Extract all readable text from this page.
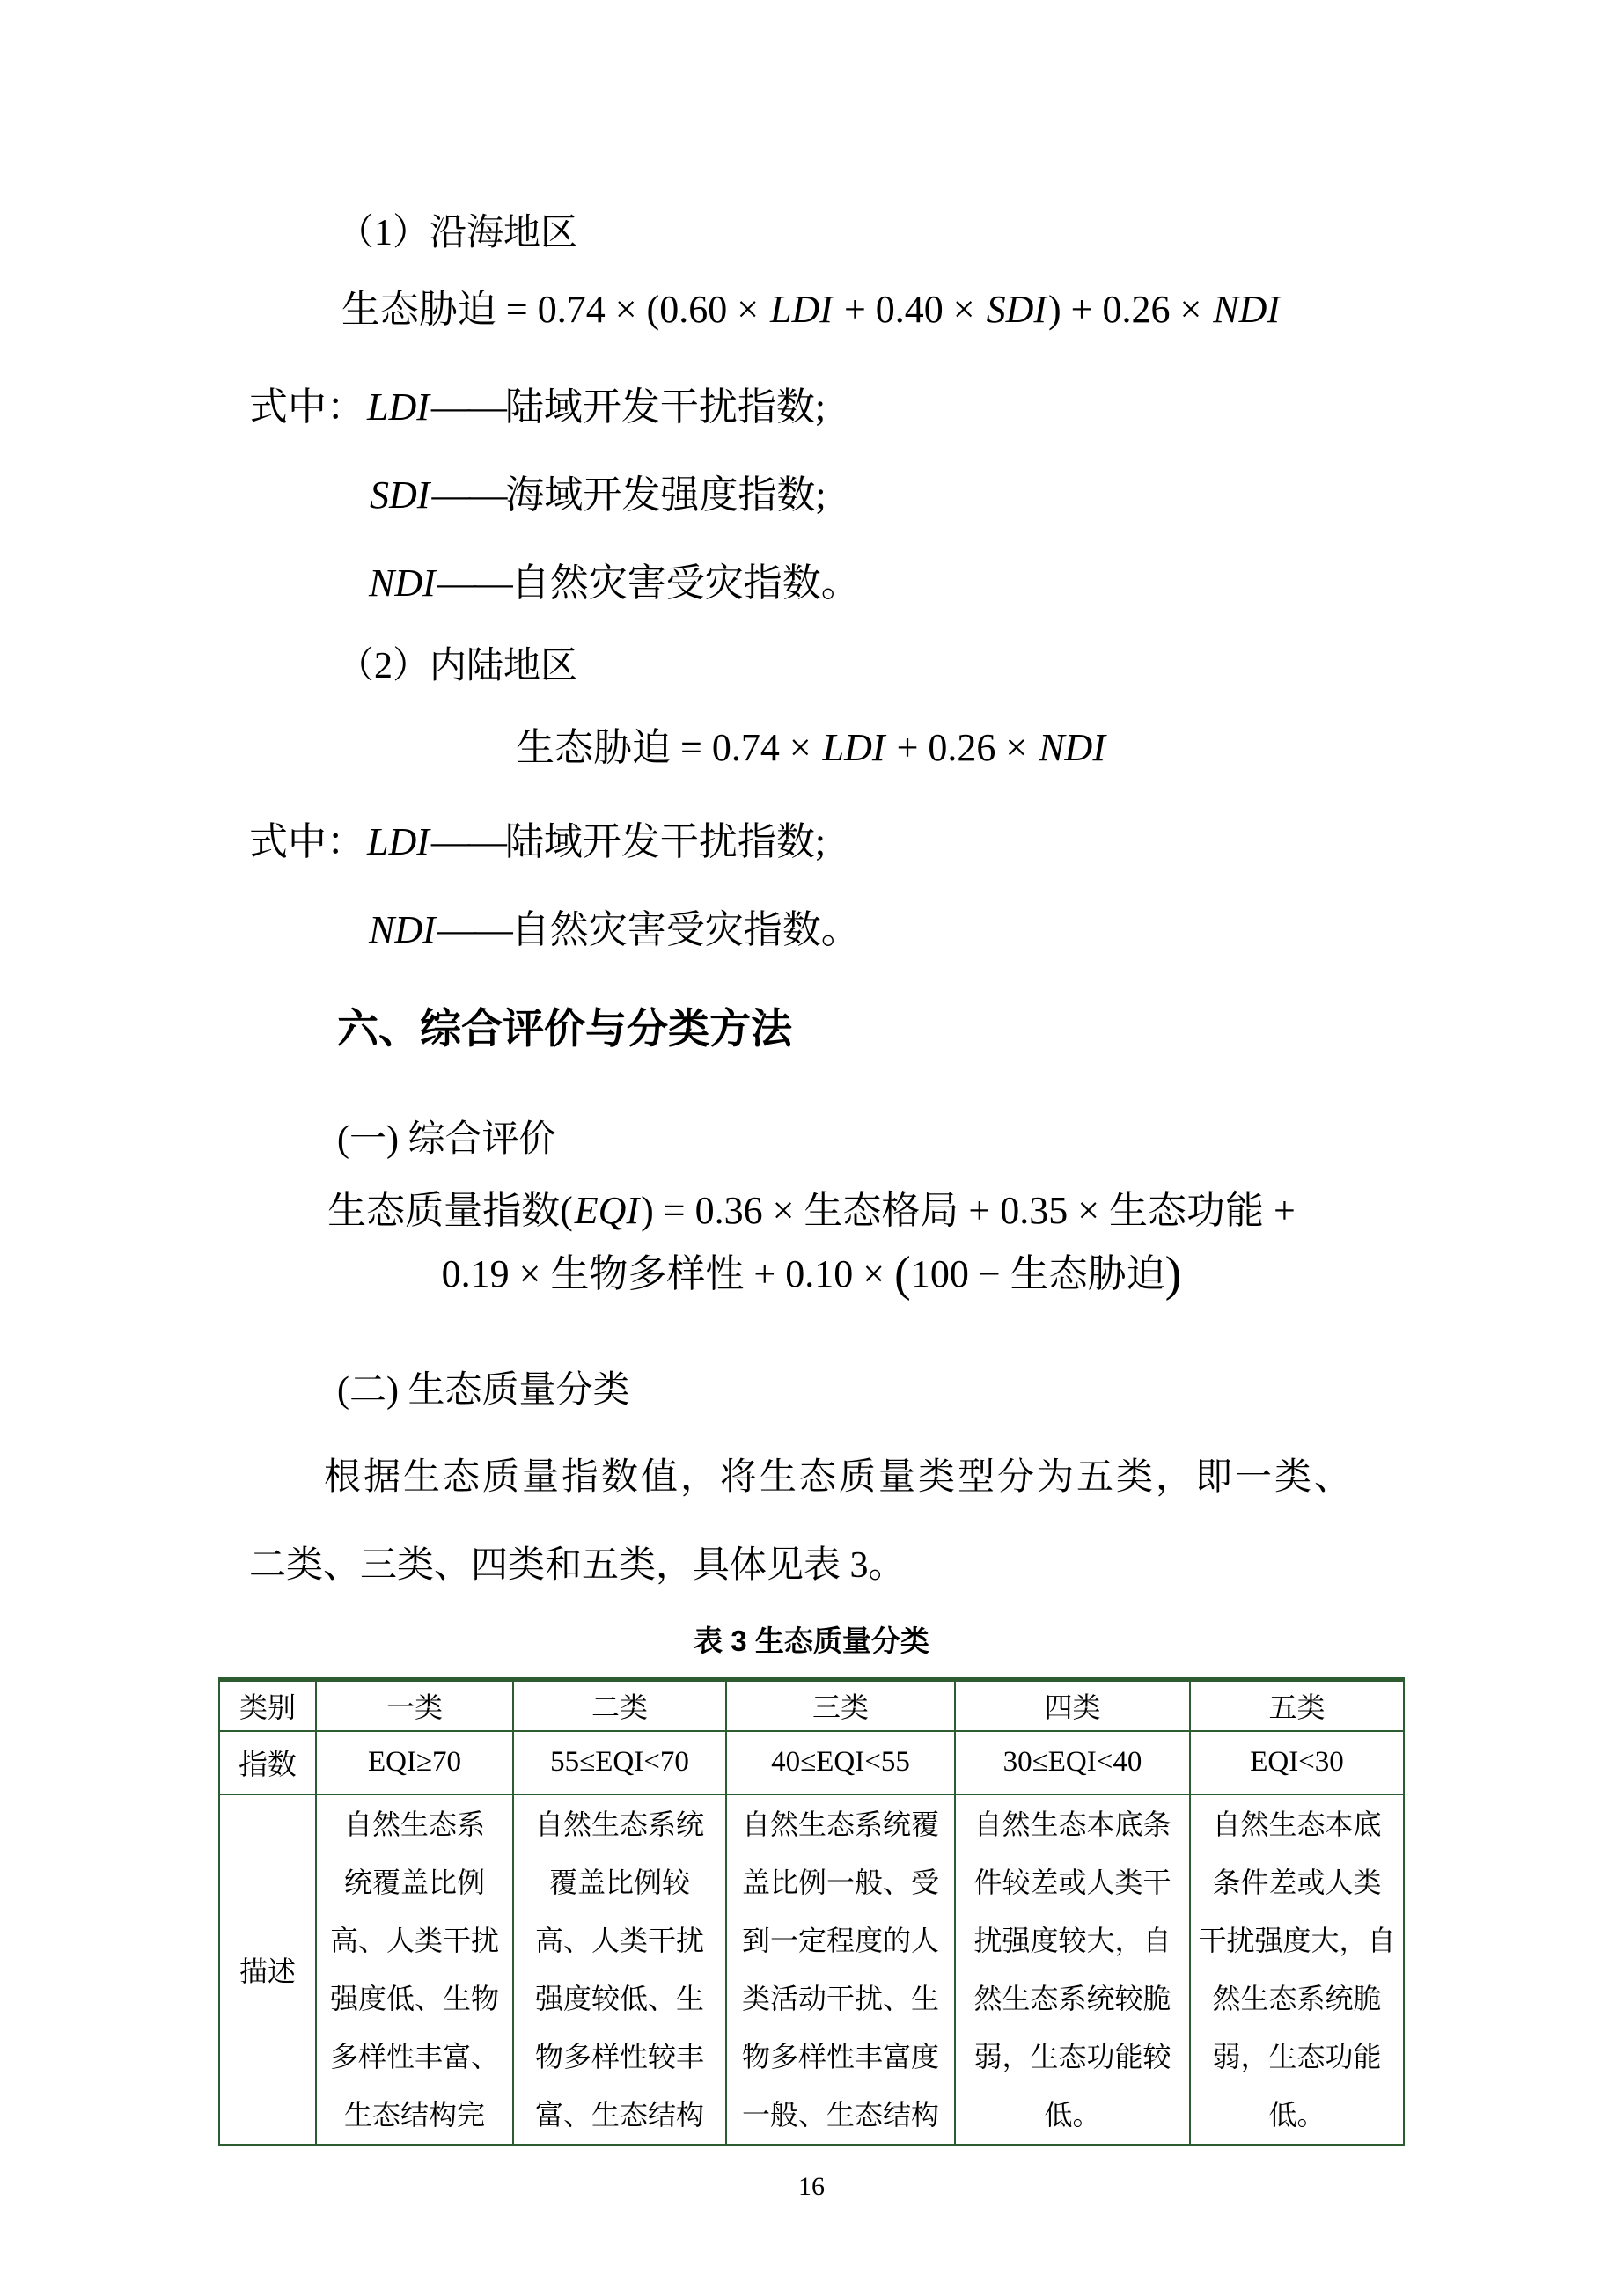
（1）沿海地区
生态胁迫 = 0.74 × (0.60 × LDI + 0.40 × SDI) + 0.26 × NDI
式中：LDI——陆域开发干扰指数;
SDI——海域开发强度指数;
NDI——自然灾害受灾指数。
（2）内陆地区
生态胁迫 = 0.74 × LDI + 0.26 × NDI
式中：LDI——陆域开发干扰指数;
NDI——自然灾害受灾指数。
六、综合评价与分类方法
(一) 综合评价
生态质量指数(EQI) = 0.36 × 生态格局 + 0.35 × 生态功能 +
0.19 × 生物多样性 + 0.10 × (100 − 生态胁迫)
(二) 生态质量分类
根据生态质量指数值，将生态质量类型分为五类，即一类、
二类、三类、四类和五类，具体见表 3。
表 3 生态质量分类
类别	一类	二类	三类	四类	五类
指数	EQI≥70	55≤EQI<70	40≤EQI<55	30≤EQI<40	EQI<30
描述	自然生态系
统覆盖比例
高、人类干扰
强度低、生物
多样性丰富、
生态结构完	自然生态系统
覆盖比例较
高、人类干扰
强度较低、生
物多样性较丰
富、生态结构	自然生态系统覆
盖比例一般、受
到一定程度的人
类活动干扰、生
物多样性丰富度
一般、生态结构	自然生态本底条
件较差或人类干
扰强度较大，自
然生态系统较脆
弱，生态功能较
低。	自然生态本底
条件差或人类
干扰强度大，自
然生态系统脆
弱，生态功能
低。
16
